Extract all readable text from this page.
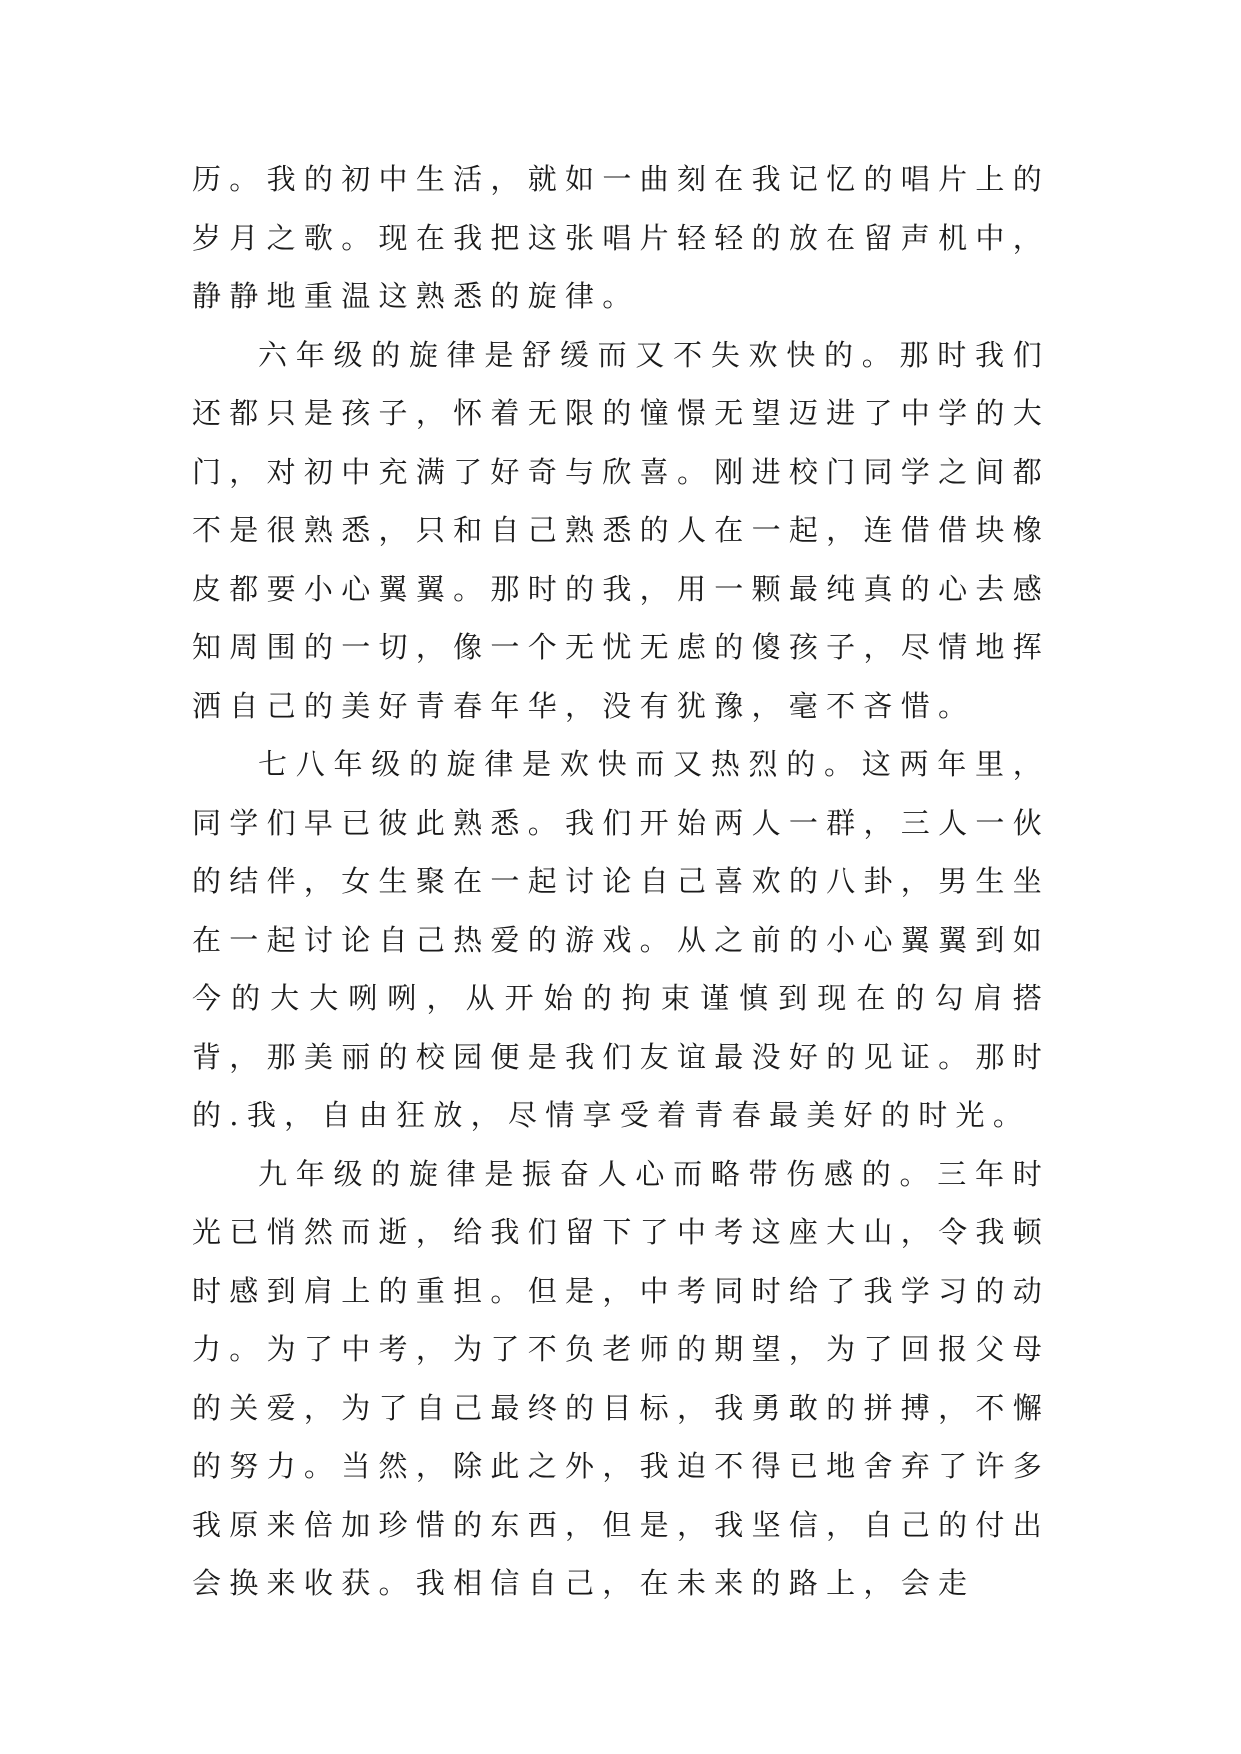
历。我的初中生活，就如一曲刻在我记忆的唱片上的岁月之歌。现在我把这张唱片轻轻的放在留声机中，静静地重温这熟悉的旋律。

六年级的旋律是舒缓而又不失欢快的。那时我们还都只是孩子，怀着无限的憧憬无望迈进了中学的大门，对初中充满了好奇与欣喜。刚进校门同学之间都不是很熟悉，只和自己熟悉的人在一起，连借借块橡皮都要小心翼翼。那时的我，用一颗最纯真的心去感知周围的一切，像一个无忧无虑的傻孩子，尽情地挥洒自己的美好青春年华，没有犹豫，毫不吝惜。

七八年级的旋律是欢快而又热烈的。这两年里，同学们早已彼此熟悉。我们开始两人一群，三人一伙的结伴，女生聚在一起讨论自己喜欢的八卦，男生坐在一起讨论自己热爱的游戏。从之前的小心翼翼到如今的大大咧咧，从开始的拘束谨慎到现在的勾肩搭背，那美丽的校园便是我们友谊最没好的见证。那时的.我，自由狂放，尽情享受着青春最美好的时光。

九年级的旋律是振奋人心而略带伤感的。三年时光已悄然而逝，给我们留下了中考这座大山，令我顿时感到肩上的重担。但是，中考同时给了我学习的动力。为了中考，为了不负老师的期望，为了回报父母的关爱，为了自己最终的目标，我勇敢的拼搏，不懈的努力。当然，除此之外，我迫不得已地舍弃了许多我原来倍加珍惜的东西，但是，我坚信，自己的付出会换来收获。我相信自己，在未来的路上，会走
